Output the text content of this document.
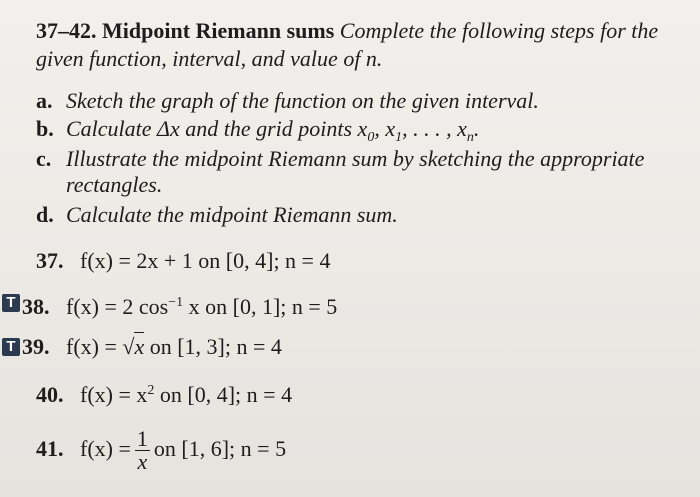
37–42. Midpoint Riemann sums Complete the following steps for the
given function, interval, and value of n.
a. Sketch the graph of the function on the given interval.
b. Calculate Δx and the grid points $x_0$, $x_1$, . . . , $x_n$.
c. Illustrate the midpoint Riemann sum by sketching the appropriate
rectangles.
d. Calculate the midpoint Riemann sum.
37. f(x) = 2x + 1 on [0, 4]; n = 4
T 38. f(x) = 2 $\cos^{-1} x$ on [0, 1]; n = 5
T 39. f(x) = √x on [1, 3]; n = 4
40. $f(x) = x^2$ on [0, 4]; n = 4
41. $f(x) = \frac{1}{x}$ on [1, 6]; n = 5
